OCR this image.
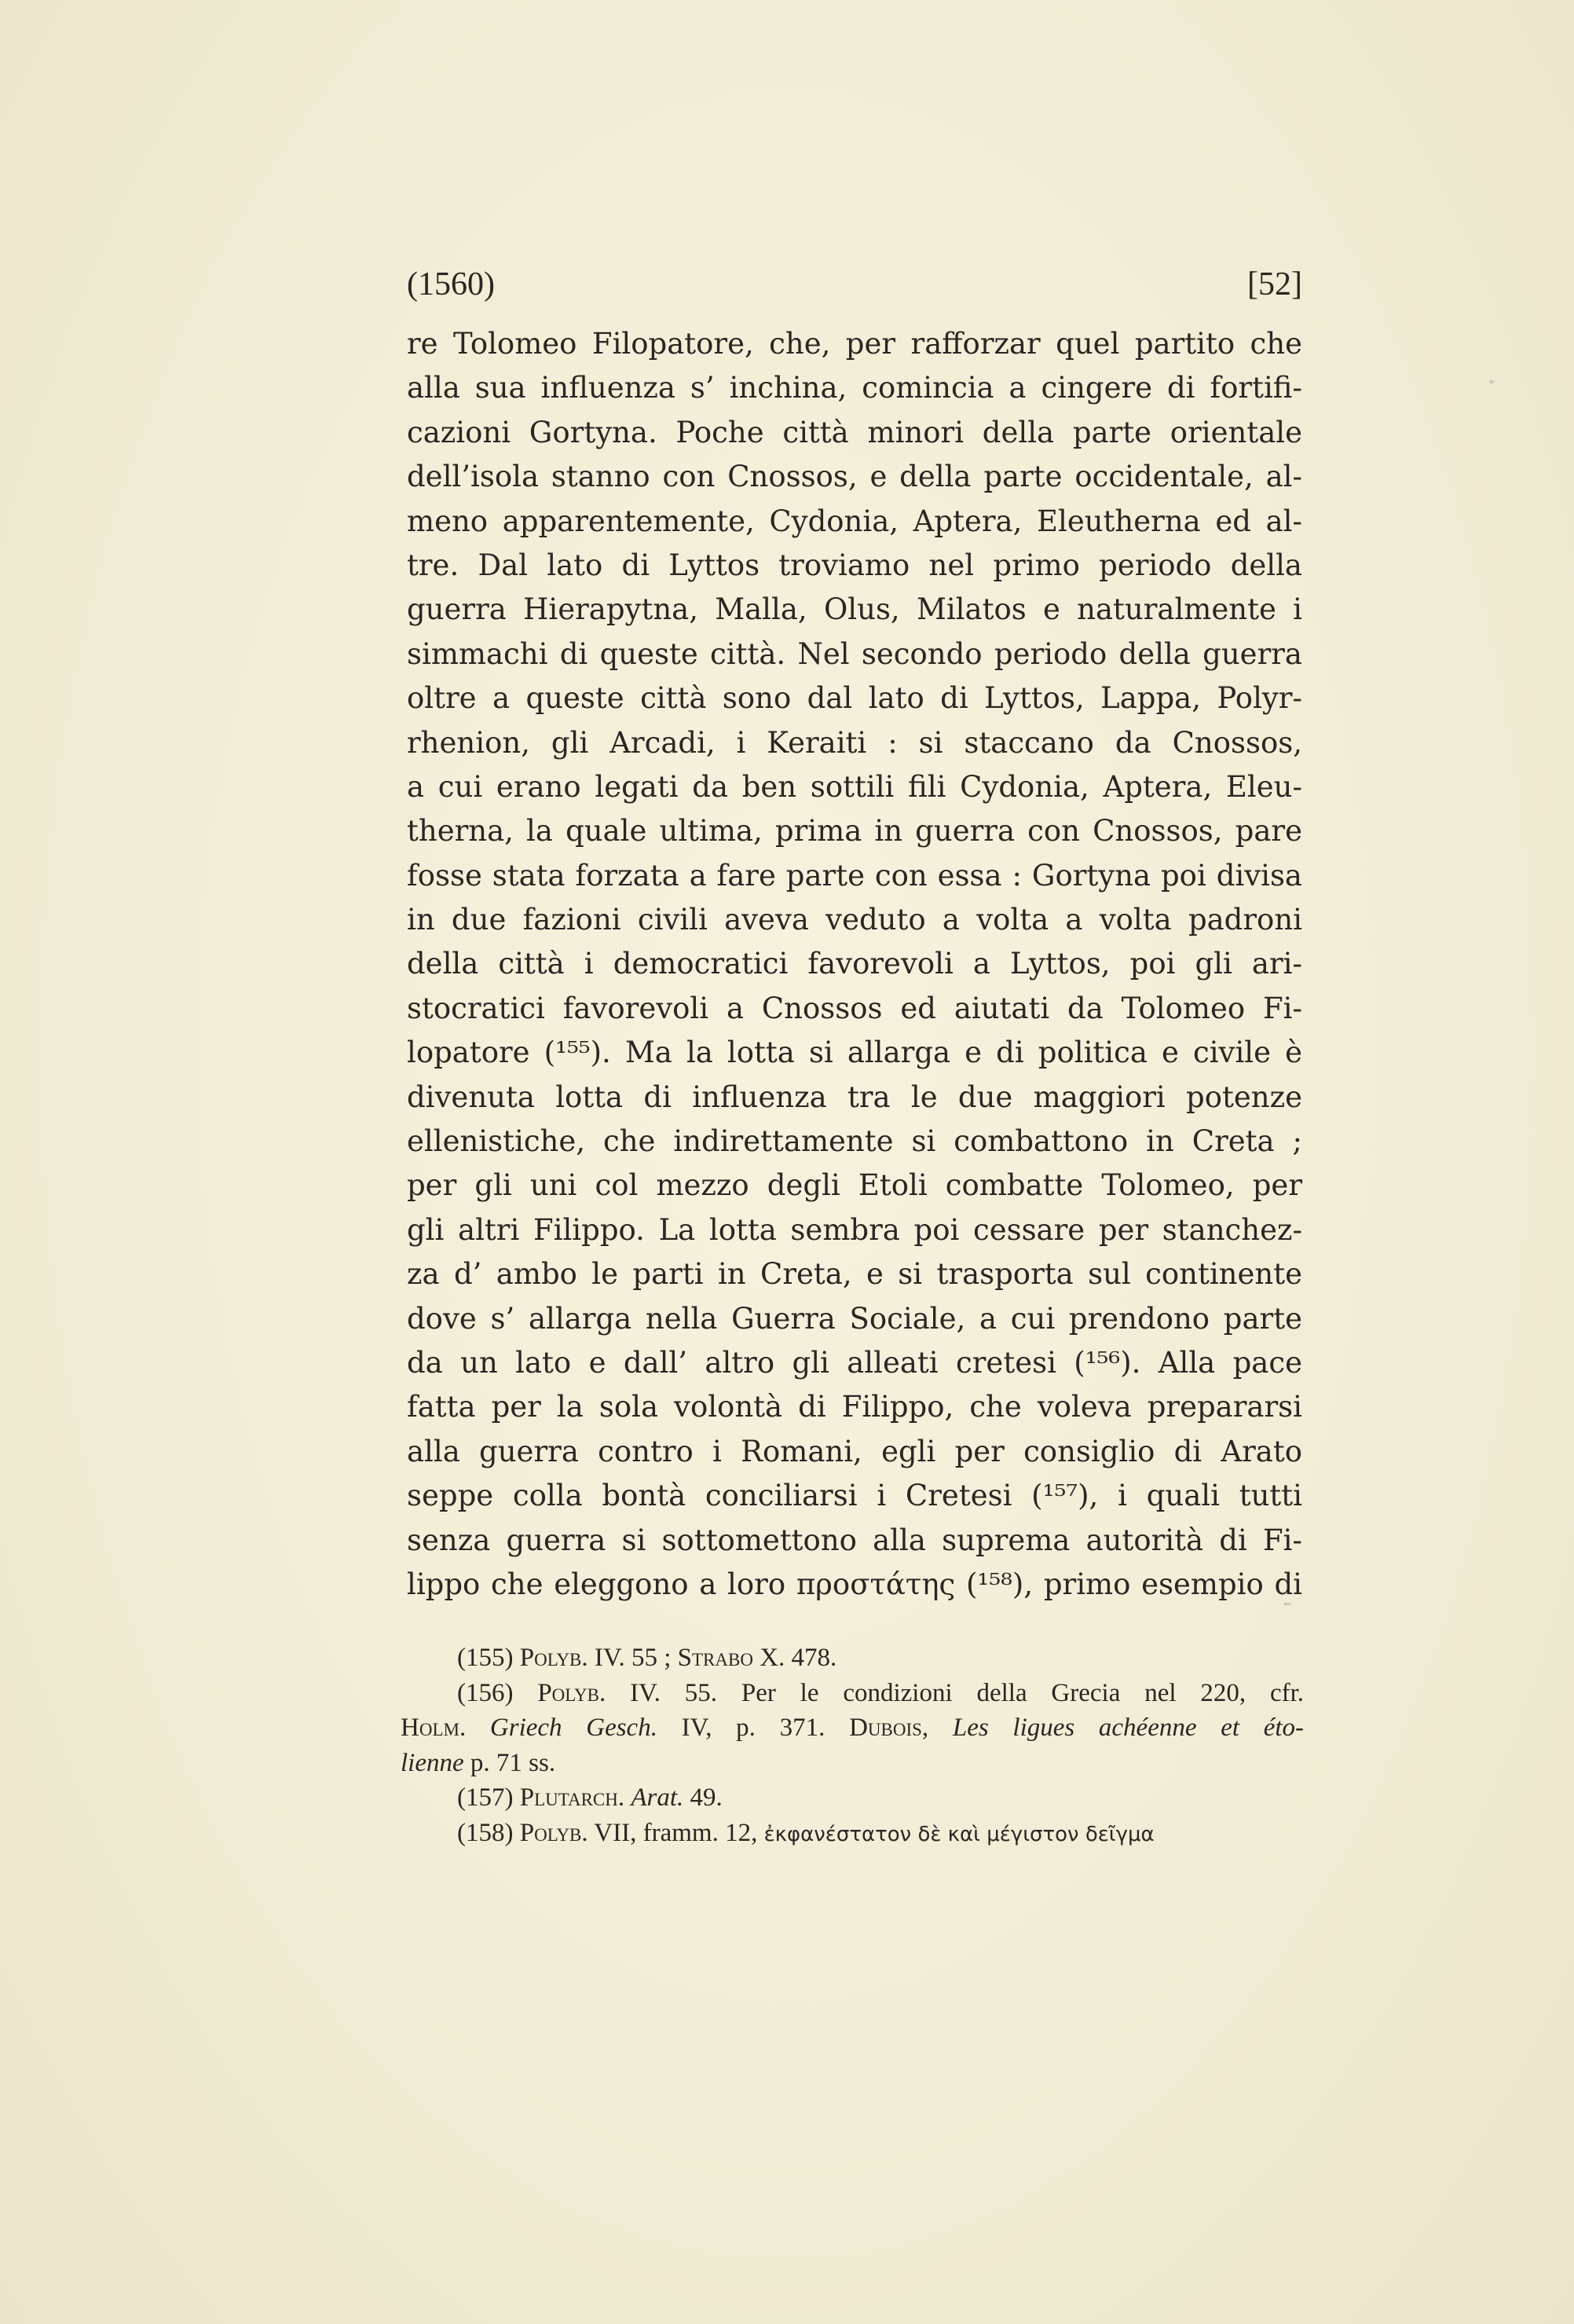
(1560)	[52]
re Tolomeo Filopatore, che, per rafforzar quel partito che
alla sua influenza s’ inchina, comincia a cingere di fortifi-
cazioni Gortyna. Poche città minori della parte orientale
dell’isola stanno con Cnossos, e della parte occidentale, al-
meno apparentemente, Cydonia, Aptera, Eleutherna ed al-
tre. Dal lato di Lyttos troviamo nel primo periodo della
guerra Hierapytna, Malla, Olus, Milatos e naturalmente i
simmachi di queste città. Nel secondo periodo della guerra
oltre a queste città sono dal lato di Lyttos, Lappa, Polyr-
rhenion, gli Arcadi, i Keraiti : si staccano da Cnossos,
a cui erano legati da ben sottili fili Cydonia, Aptera, Eleu-
therna, la quale ultima, prima in guerra con Cnossos, pare
fosse stata forzata a fare parte con essa : Gortyna poi divisa
in due fazioni civili aveva veduto a volta a volta padroni
della città i democratici favorevoli a Lyttos, poi gli ari-
stocratici favorevoli a Cnossos ed aiutati da Tolomeo Fi-
lopatore (¹⁵⁵). Ma la lotta si allarga e di politica e civile è
divenuta lotta di influenza tra le due maggiori potenze
ellenistiche, che indirettamente si combattono in Creta ;
per gli uni col mezzo degli Etoli combatte Tolomeo, per
gli altri Filippo. La lotta sembra poi cessare per stanchez-
za d’ ambo le parti in Creta, e si trasporta sul continente
dove s’ allarga nella Guerra Sociale, a cui prendono parte
da un lato e dall’ altro gli alleati cretesi (¹⁵⁶). Alla pace
fatta per la sola volontà di Filippo, che voleva prepararsi
alla guerra contro i Romani, egli per consiglio di Arato
seppe colla bontà conciliarsi i Cretesi (¹⁵⁷), i quali tutti
senza guerra si sottomettono alla suprema autorità di Fi-
lippo che eleggono a loro προστάτης (¹⁵⁸), primo esempio di
(155) Polyb. IV. 55 ; Strabo X. 478.
(156) Polyb. IV. 55. Per le condizioni della Grecia nel 220, cfr.
Holm. Griech Gesch. IV, p. 371. Dubois, Les ligues achéenne et éto-
lienne p. 71 ss.
(157) Plutarch. Arat. 49.
(158) Polyb. VII, framm. 12, ἐκφανέστατον δὲ καὶ μέγιστον δεῖγμα
